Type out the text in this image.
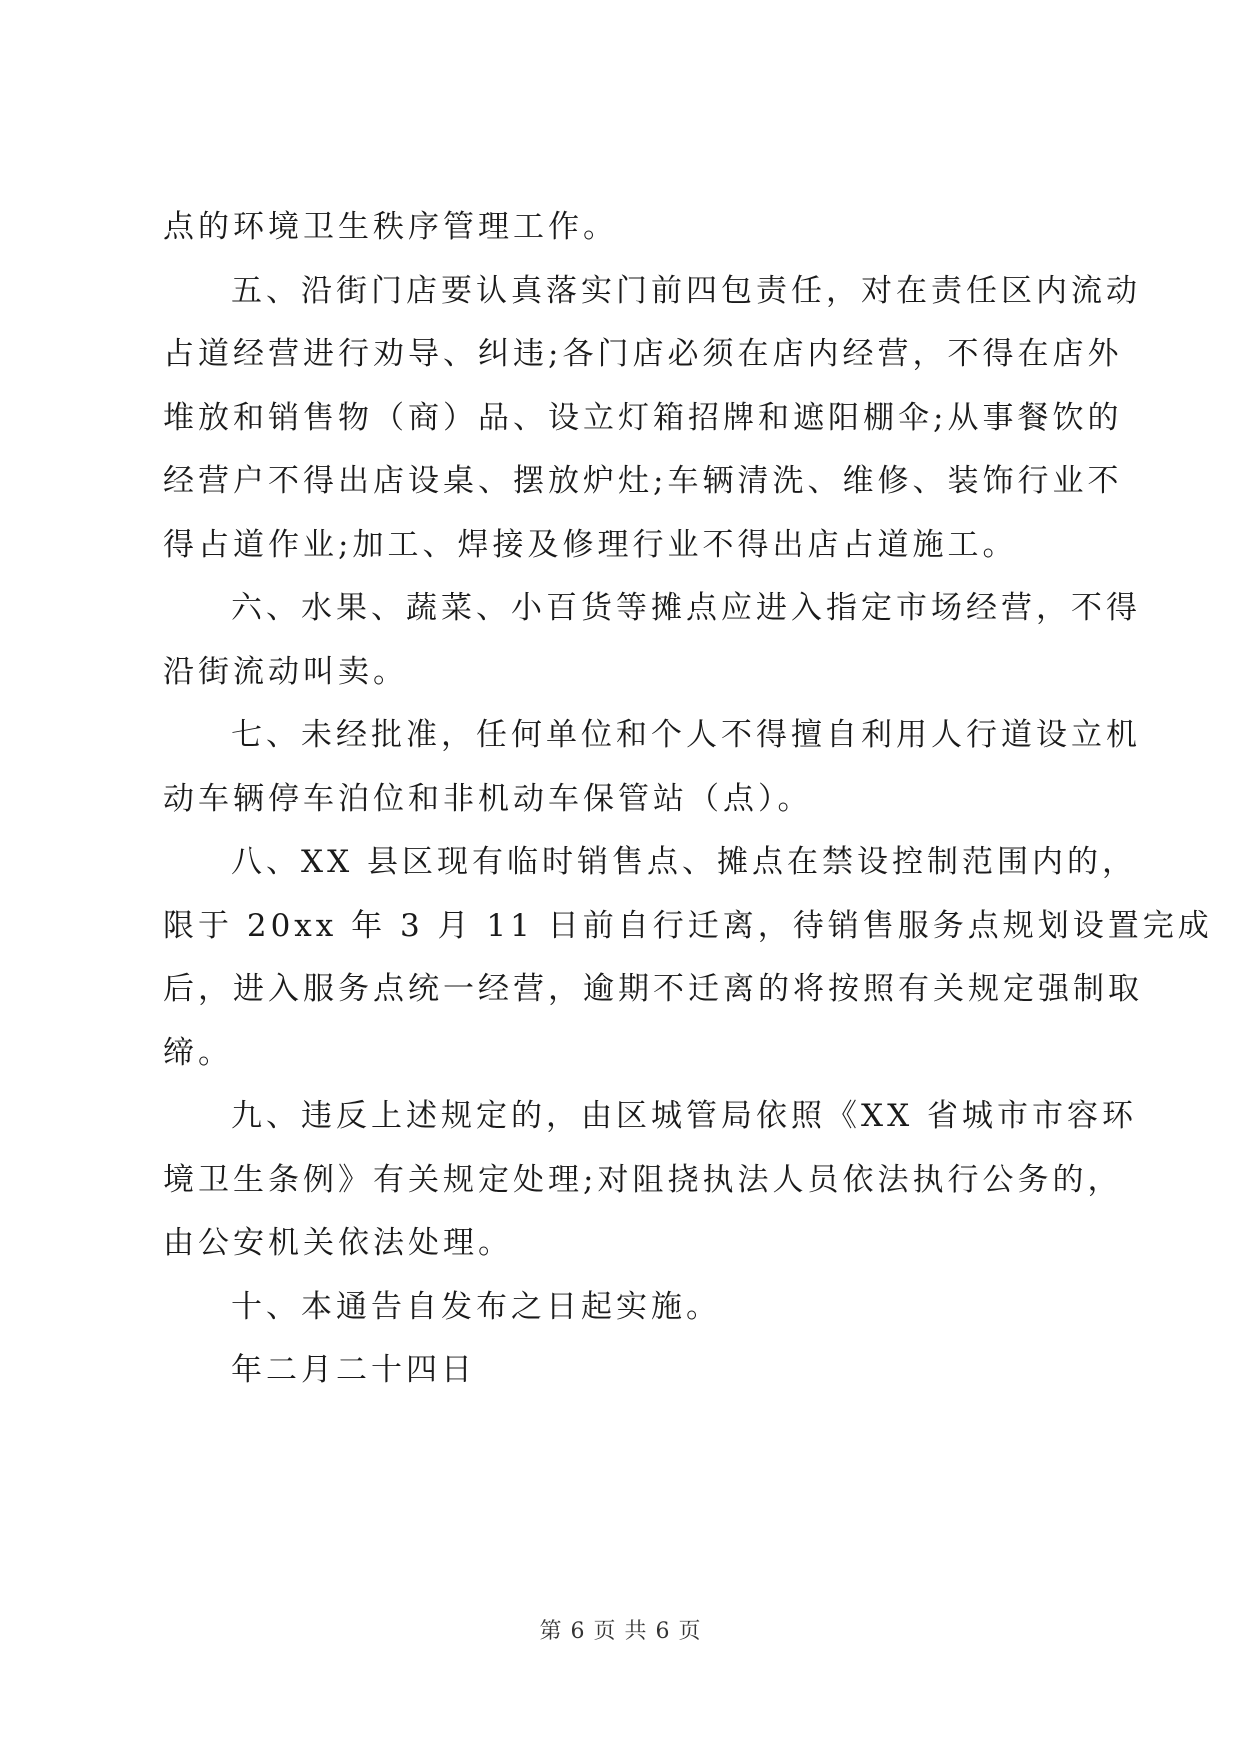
点的环境卫生秩序管理工作。
五、沿街门店要认真落实门前四包责任，对在责任区内流动
占道经营进行劝导、纠违;各门店必须在店内经营，不得在店外
堆放和销售物（商）品、设立灯箱招牌和遮阳棚伞;从事餐饮的
经营户不得出店设桌、摆放炉灶;车辆清洗、维修、装饰行业不
得占道作业;加工、焊接及修理行业不得出店占道施工。
六、水果、蔬菜、小百货等摊点应进入指定市场经营，不得
沿街流动叫卖。
七、未经批准，任何单位和个人不得擅自利用人行道设立机
动车辆停车泊位和非机动车保管站（点）。
八、XX 县区现有临时销售点、摊点在禁设控制范围内的，
限于 20xx 年 3 月 11 日前自行迁离，待销售服务点规划设置完成
后，进入服务点统一经营，逾期不迁离的将按照有关规定强制取
缔。
九、违反上述规定的，由区城管局依照《XX 省城市市容环
境卫生条例》有关规定处理;对阻挠执法人员依法执行公务的，
由公安机关依法处理。
十、本通告自发布之日起实施。
年二月二十四日
第 6 页 共 6 页
